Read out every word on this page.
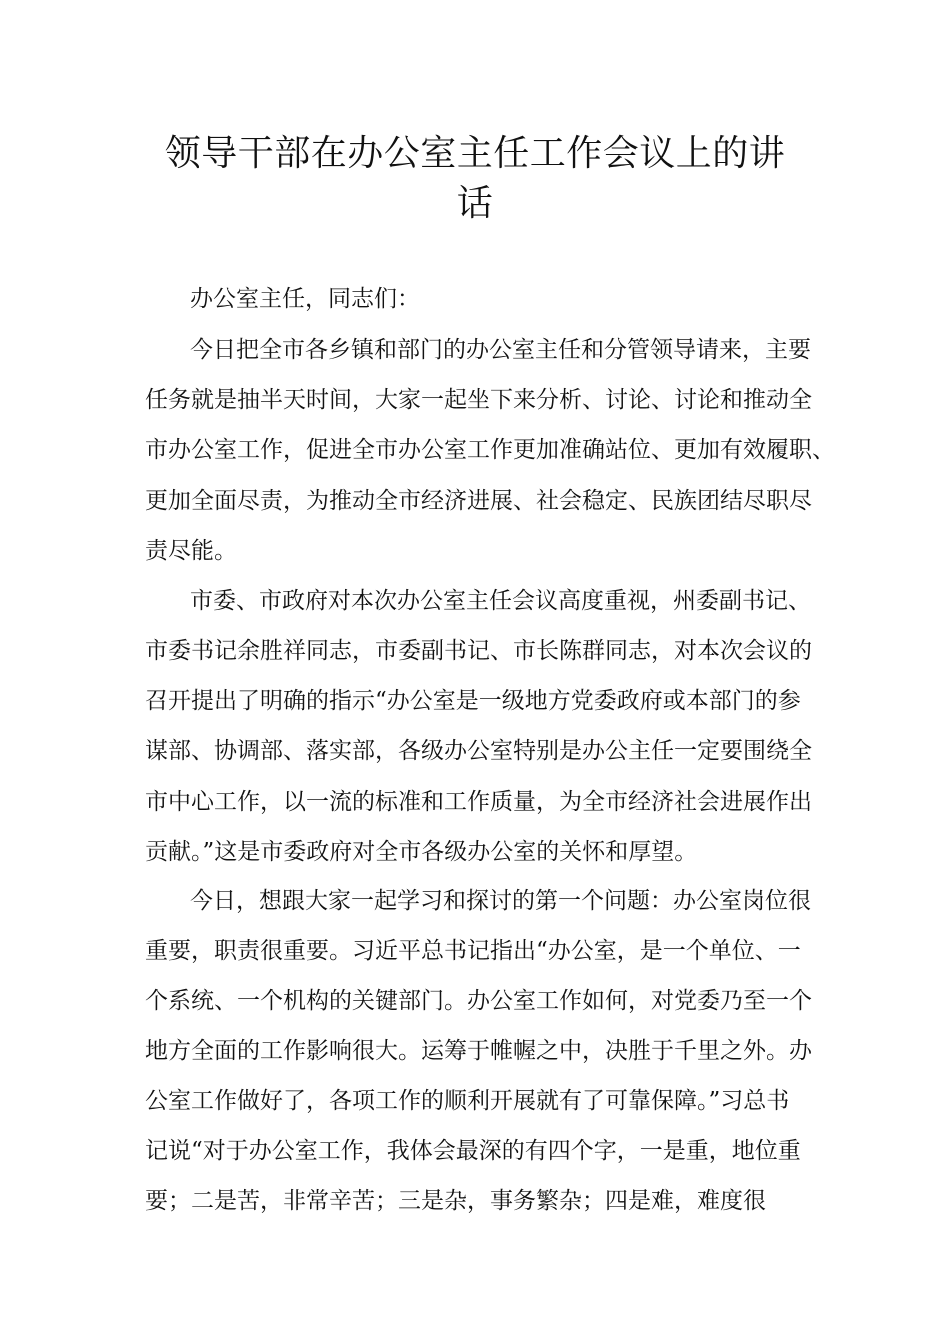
领导干部在办公室主任工作会议上的讲
话

办公室主任，同志们：

今日把全市各乡镇和部门的办公室主任和分管领导请来，主要

任务就是抽半天时间，大家一起坐下来分析、讨论、讨论和推动全

市办公室工作，促进全市办公室工作更加准确站位、更加有效履职、

更加全面尽责，为推动全市经济进展、社会稳定、民族团结尽职尽

责尽能。

市委、市政府对本次办公室主任会议高度重视，州委副书记、

市委书记余胜祥同志，市委副书记、市长陈群同志，对本次会议的

召开提出了明确的指示“办公室是一级地方党委政府或本部门的参

谋部、协调部、落实部，各级办公室特别是办公主任一定要围绕全

市中心工作，以一流的标准和工作质量，为全市经济社会进展作出

贡献。”这是市委政府对全市各级办公室的关怀和厚望。

今日，想跟大家一起学习和探讨的第一个问题：办公室岗位很

重要，职责很重要。习近平总书记指出“办公室，是一个单位、一

个系统、一个机构的关键部门。办公室工作如何，对党委乃至一个

地方全面的工作影响很大。运筹于帷幄之中，决胜于千里之外。办

公室工作做好了，各项工作的顺利开展就有了可靠保障。”习总书

记说“对于办公室工作，我体会最深的有四个字，一是重，地位重

要；二是苦，非常辛苦；三是杂，事务繁杂；四是难，难度很
